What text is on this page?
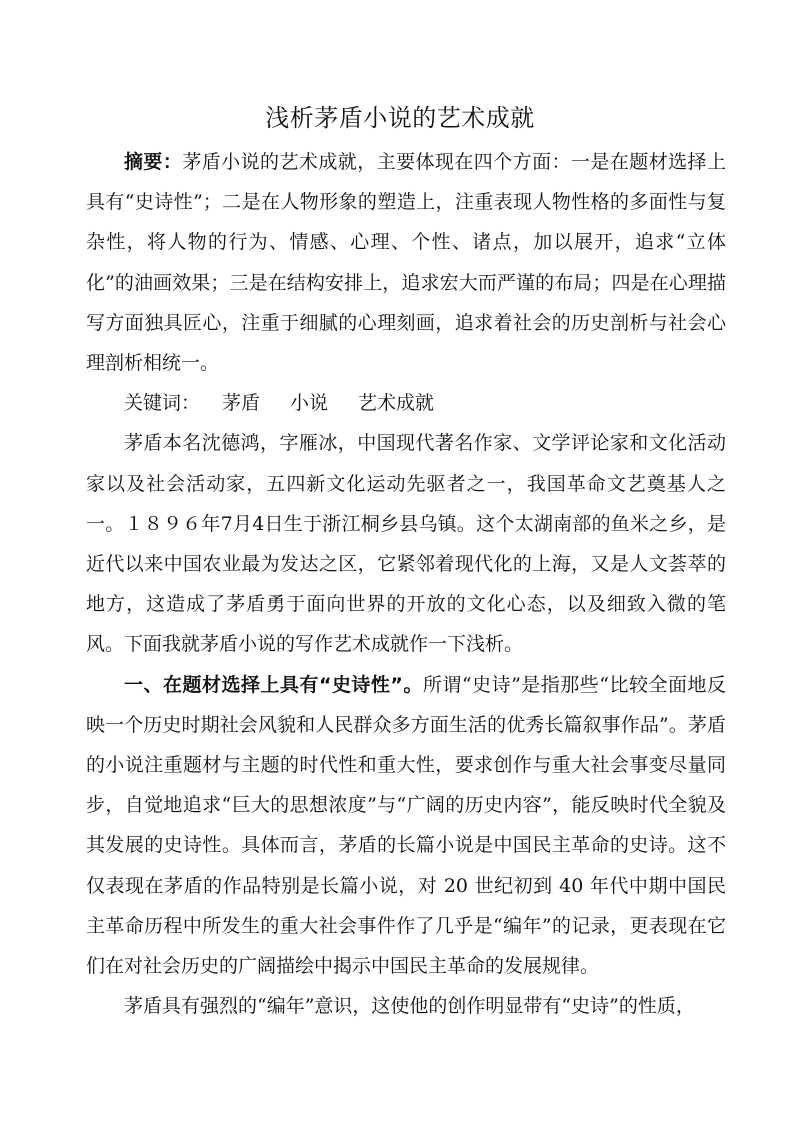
浅析茅盾小说的艺术成就

摘要：茅盾小说的艺术成就，主要体现在四个方面：一是在题材选择上具有“史诗性”；二是在人物形象的塑造上，注重表现人物性格的多面性与复杂性，将人物的行为、情感、心理、个性、诸点，加以展开，追求“立体化”的油画效果；三是在结构安排上，追求宏大而严谨的布局；四是在心理描写方面独具匠心，注重于细腻的心理刻画，追求着社会的历史剖析与社会心理剖析相统一。

关键词： 茅盾 小说 艺术成就

茅盾本名沈德鸿，字雁冰，中国现代著名作家、文学评论家和文化活动家以及社会活动家，五四新文化运动先驱者之一，我国革命文艺奠基人之一。１８９６年7月4日生于浙江桐乡县乌镇。这个太湖南部的鱼米之乡，是近代以来中国农业最为发达之区，它紧邻着现代化的上海，又是人文荟萃的地方，这造成了茅盾勇于面向世界的开放的文化心态，以及细致入微的笔风。下面我就茅盾小说的写作艺术成就作一下浅析。

一、在题材选择上具有“史诗性”。所谓“史诗”是指那些“比较全面地反映一个历史时期社会风貌和人民群众多方面生活的优秀长篇叙事作品”。茅盾的小说注重题材与主题的时代性和重大性，要求创作与重大社会事变尽量同步，自觉地追求“巨大的思想浓度”与“广阔的历史内容”，能反映时代全貌及其发展的史诗性。具体而言，茅盾的长篇小说是中国民主革命的史诗。这不仅表现在茅盾的作品特别是长篇小说，对 20 世纪初到 40 年代中期中国民主革命历程中所发生的重大社会事件作了几乎是“编年”的记录，更表现在它们在对社会历史的广阔描绘中揭示中国民主革命的发展规律。

茅盾具有强烈的“编年”意识，这使他的创作明显带有“史诗”的性质，
